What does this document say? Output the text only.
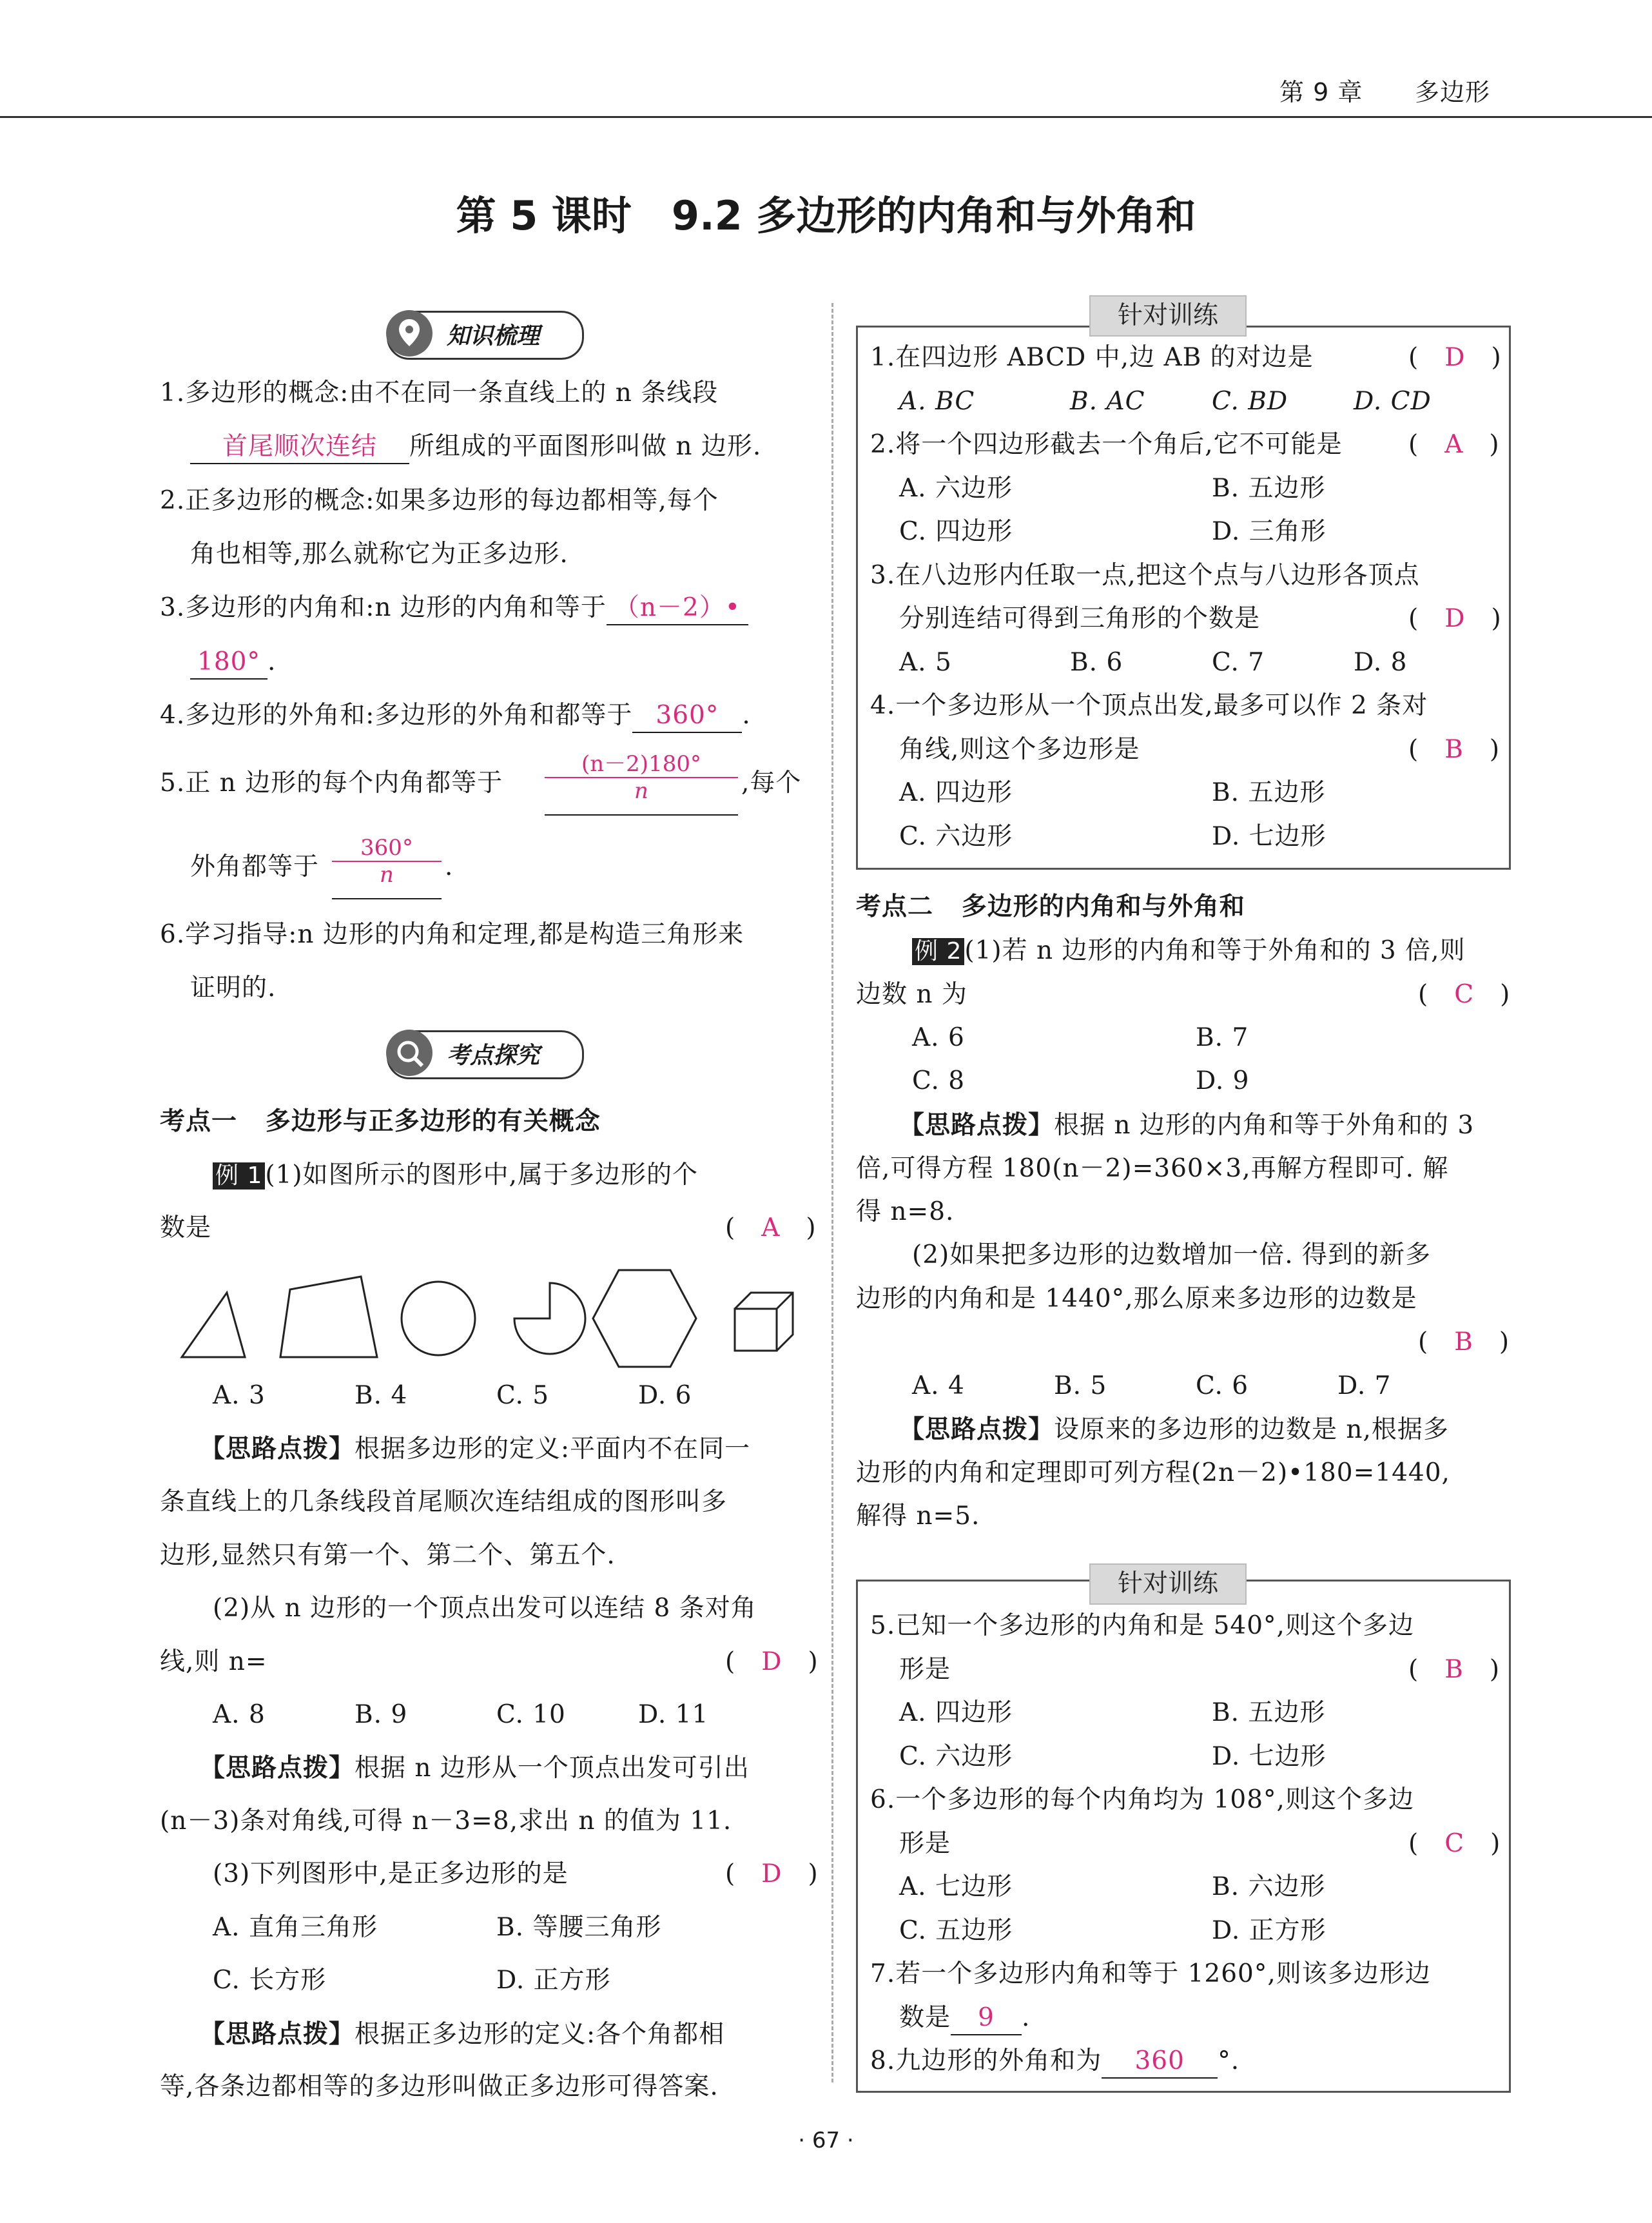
第 9 章 多边形
第 5 课时　9.2 多边形的内角和与外角和
知识梳理
1.多边形的概念:由不在同一条直线上的 n 条线段
首尾顺次连结 所组成的平面图形叫做 n 边形.
2.正多边形的概念:如果多边形的每边都相等,每个
角也相等,那么就称它为正多边形.
3.多边形的内角和:n 边形的内角和等于 （n－2）•
180° .
4.多边形的外角和:多边形的外角和都等于 360° .
5.正 n 边形的每个内角都等于 $\frac{(n-2)180^\circ}{n}$ ,每个
外角都等于 $\frac{360^\circ}{n}$ .
6.学习指导:n 边形的内角和定理,都是构造三角形来
证明的.
考点探究
考点一 多边形与正多边形的有关概念
例 1 (1)如图所示的图形中,属于多边形的个
数是	(　A　)
A. 3	B. 4	C. 5	D. 6
【思路点拨】根据多边形的定义:平面内不在同一
条直线上的几条线段首尾顺次连结组成的图形叫多
边形,显然只有第一个、第二个、第五个.
(2)从 n 边形的一个顶点出发可以连结 8 条对角
线,则 n=	(　D　)
A. 8	B. 9	C. 10	D. 11
【思路点拨】根据 n 边形从一个顶点出发可引出
(n－3)条对角线,可得 n－3=8,求出 n 的值为 11.
(3)下列图形中,是正多边形的是	(　D　)
A. 直角三角形	B. 等腰三角形
C. 长方形	D. 正方形
【思路点拨】根据正多边形的定义:各个角都相
等,各条边都相等的多边形叫做正多边形可得答案.
针对训练
1.在四边形 ABCD 中,边 AB 的对边是	(　D　)
A. BC	B. AC	C. BD	D. CD
2.将一个四边形截去一个角后,它不可能是	(　A　)
A. 六边形	B. 五边形
C. 四边形	D. 三角形
3.在八边形内任取一点,把这个点与八边形各顶点
分别连结可得到三角形的个数是	(　D　)
A. 5	B. 6	C. 7	D. 8
4.一个多边形从一个顶点出发,最多可以作 2 条对
角线,则这个多边形是	(　B　)
A. 四边形	B. 五边形
C. 六边形	D. 七边形
考点二 多边形的内角和与外角和
例 2 (1)若 n 边形的内角和等于外角和的 3 倍,则
边数 n 为	(　C　)
A. 6	B. 7
C. 8	D. 9
【思路点拨】根据 n 边形的内角和等于外角和的 3
倍,可得方程 180(n－2)=360×3,再解方程即可. 解
得 n=8.
(2)如果把多边形的边数增加一倍. 得到的新多
边形的内角和是 1440°,那么原来多边形的边数是
(　B　)
A. 4	B. 5	C. 6	D. 7
【思路点拨】设原来的多边形的边数是 n,根据多
边形的内角和定理即可列方程(2n－2)•180=1440,
解得 n=5.
针对训练
5.已知一个多边形的内角和是 540°,则这个多边
形是	(　B　)
A. 四边形	B. 五边形
C. 六边形	D. 七边形
6.一个多边形的每个内角均为 108°,则这个多边
形是	(　C　)
A. 七边形	B. 六边形
C. 五边形	D. 正方形
7.若一个多边形内角和等于 1260°,则该多边形边
数是 9 .
8.九边形的外角和为 360 °.
· 67 ·
